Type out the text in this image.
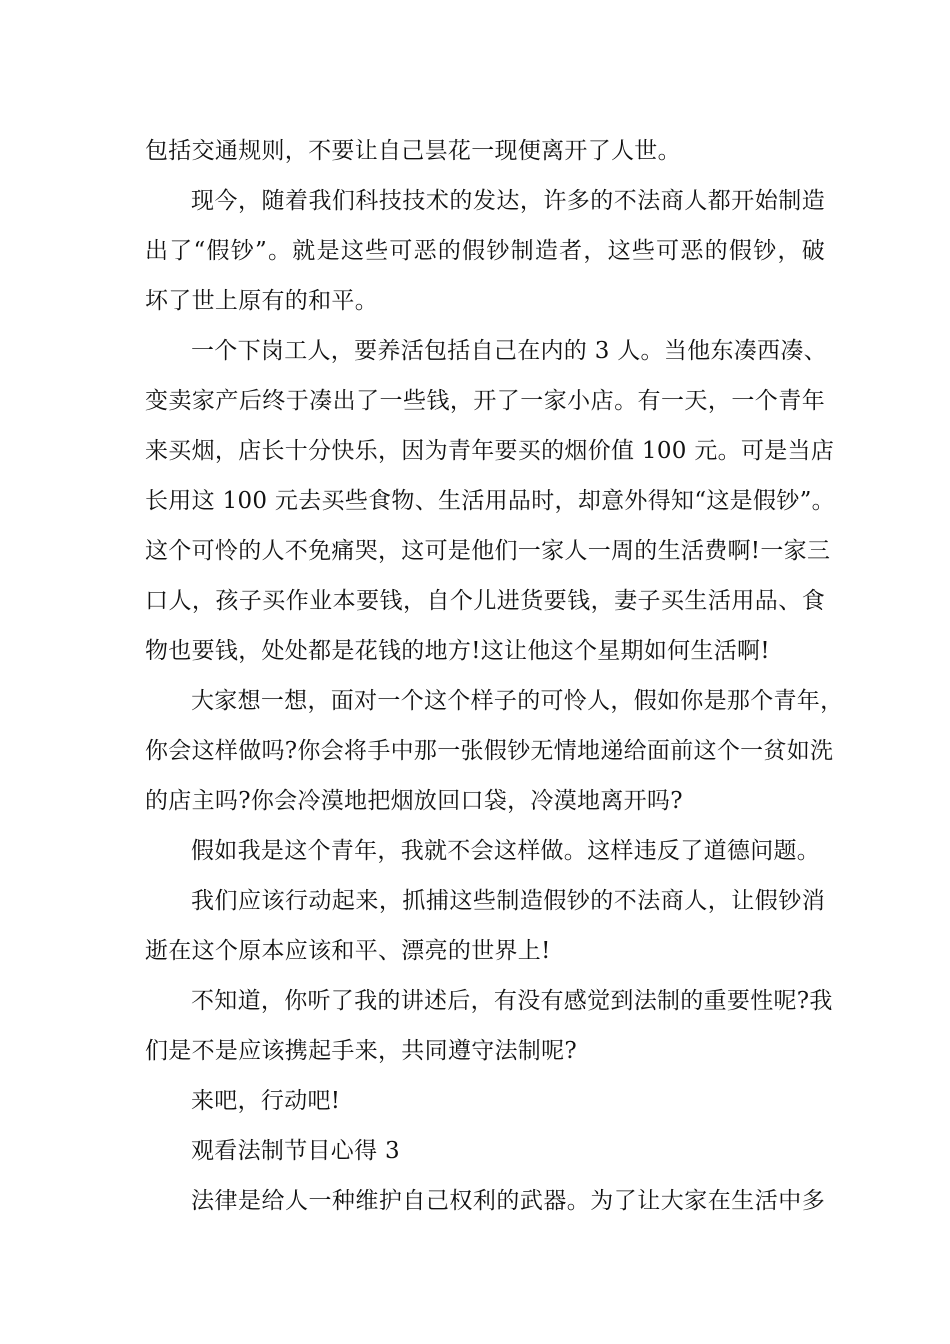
包括交通规则，不要让自己昙花一现便离开了人世。
现今，随着我们科技技术的发达，许多的不法商人都开始制造
出了“假钞”。就是这些可恶的假钞制造者，这些可恶的假钞，破
坏了世上原有的和平。
一个下岗工人，要养活包括自己在内的 3 人。当他东凑西凑、
变卖家产后终于凑出了一些钱，开了一家小店。有一天，一个青年
来买烟，店长十分快乐，因为青年要买的烟价值 100 元。可是当店
长用这 100 元去买些食物、生活用品时，却意外得知“这是假钞”。
这个可怜的人不免痛哭，这可是他们一家人一周的生活费啊!一家三
口人，孩子买作业本要钱，自个儿进货要钱，妻子买生活用品、食
物也要钱，处处都是花钱的地方!这让他这个星期如何生活啊!
大家想一想，面对一个这个样子的可怜人，假如你是那个青年，
你会这样做吗?你会将手中那一张假钞无情地递给面前这个一贫如洗
的店主吗?你会冷漠地把烟放回口袋，冷漠地离开吗?
假如我是这个青年，我就不会这样做。这样违反了道德问题。
我们应该行动起来，抓捕这些制造假钞的不法商人，让假钞消
逝在这个原本应该和平、漂亮的世界上!
不知道，你听了我的讲述后，有没有感觉到法制的重要性呢?我
们是不是应该携起手来，共同遵守法制呢?
来吧，行动吧!
观看法制节目心得 3
法律是给人一种维护自己权利的武器。为了让大家在生活中多
